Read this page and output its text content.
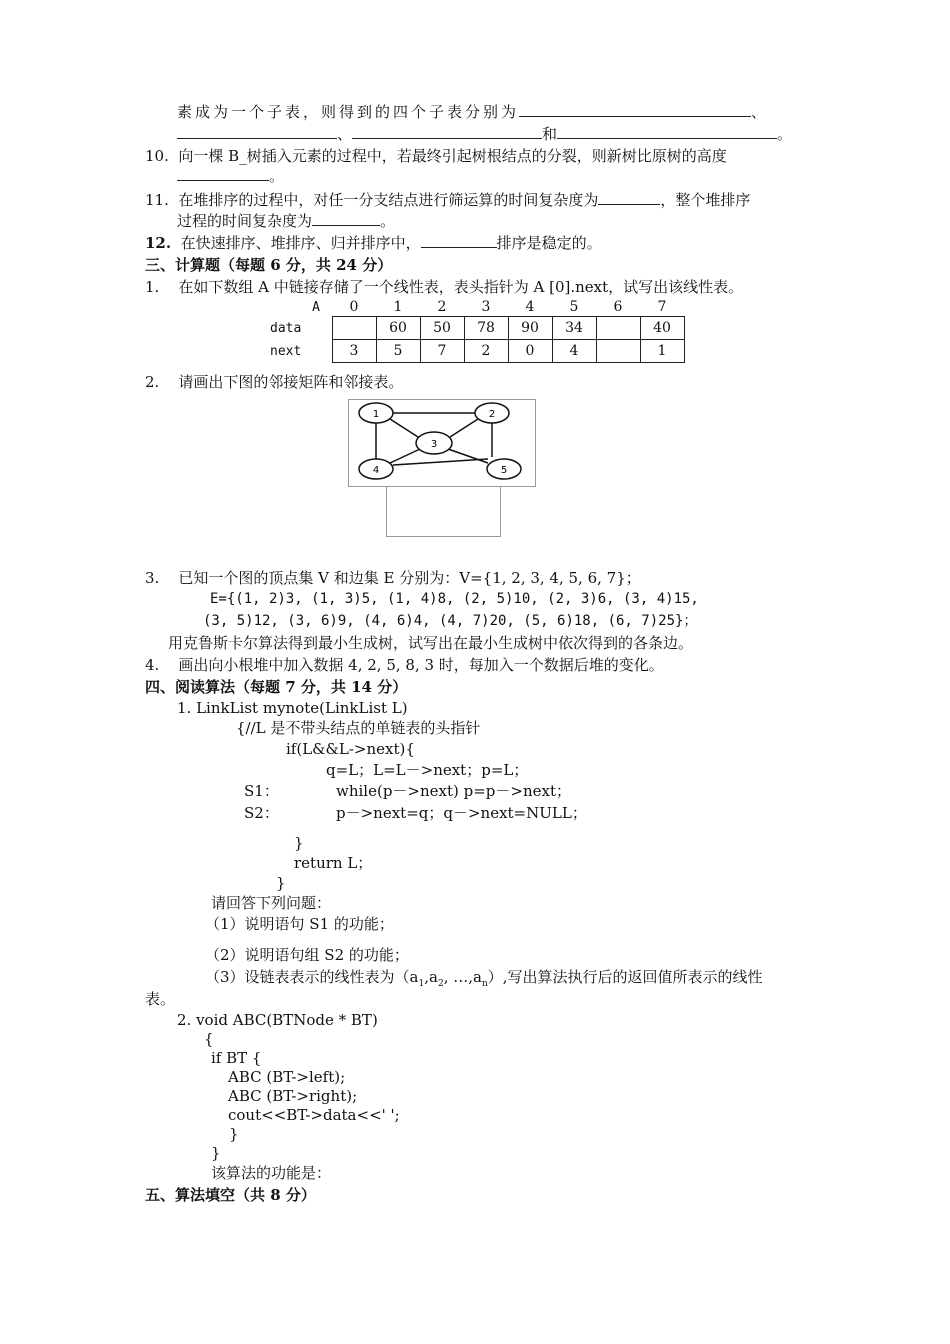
素成为一个子表，则得到的四个子表分别为	、
、	和	。
10. 向一棵 B_树插入元素的过程中，若最终引起树根结点的分裂，则新树比原树的高度
。
11. 在堆排序的过程中，对任一分支结点进行筛运算的时间复杂度为	，整个堆排序
过程的时间复杂度为	。
12. 在快速排序、堆排序、归并排序中，	排序是稳定的。
三、计算题（每题 6 分，共 24 分）
1. 在如下数组 A 中链接存储了一个线性表，表头指针为 A [0].next，试写出该线性表。
A	0	1	2	3	4	5	6	7
data		60	50	78	90	34		40
next	3	5	7	2	0	4		1
2. 请画出下图的邻接矩阵和邻接表。
1	2
3
4	5
3. 已知一个图的顶点集 V 和边集 E 分别为：V={1, 2, 3, 4, 5, 6, 7}；
E={(1, 2)3, (1, 3)5, (1, 4)8, (2, 5)10, (2, 3)6, (3, 4)15,
(3, 5)12, (3, 6)9, (4, 6)4, (4, 7)20, (5, 6)18, (6, 7)25}；
用克鲁斯卡尔算法得到最小生成树，试写出在最小生成树中依次得到的各条边。
4. 画出向小根堆中加入数据 4, 2, 5, 8, 3 时，每加入一个数据后堆的变化。
四、阅读算法（每题 7 分，共 14 分）
1. LinkList mynote(LinkList L)
{//L 是不带头结点的单链表的头指针
if(L&&L->next){
q=L；L=L－>next；p=L；
S1：	while(p－>next) p=p－>next；
S2：	p－>next=q；q－>next=NULL；
}
return L；
}
请回答下列问题：
（1）说明语句 S1 的功能；
（2）说明语句组 S2 的功能；
（3）设链表表示的线性表为（$a_1,a_2$, $\dots,a_n$）,写出算法执行后的返回值所表示的线性
表。
2. void ABC(BTNode * BT)
{
if BT {
ABC (BT->left);
ABC (BT->right);
cout<<BT->data<<' ';
}
}
该算法的功能是：
五、算法填空（共 8 分）
